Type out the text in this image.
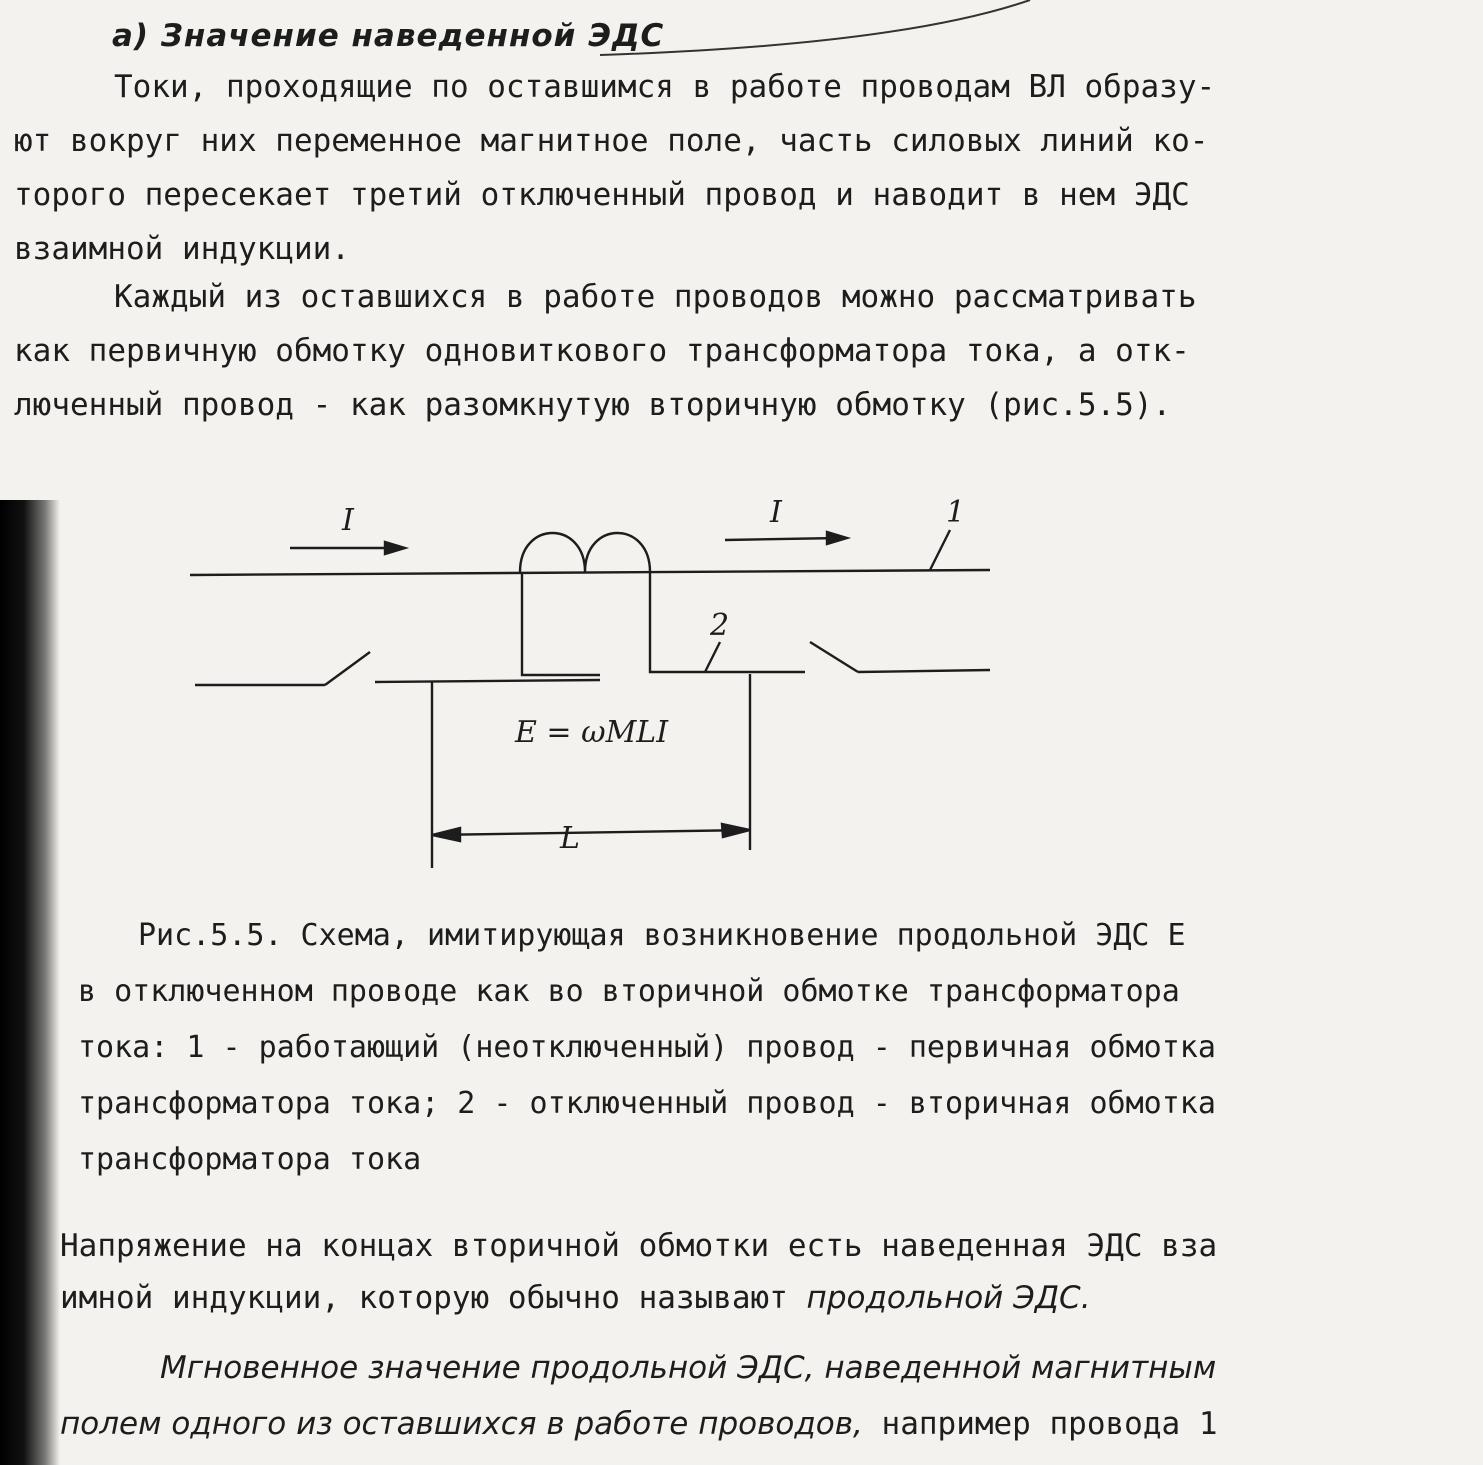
а) Значение наведенной ЭДС
Токи, проходящие по оставшимся в работе проводам ВЛ образу-
ют вокруг них переменное магнитное поле, часть силовых линий ко-
торого пересекает третий отключенный провод и наводит в нем ЭДС
взаимной индукции.
Каждый из оставшихся в работе проводов можно рассматривать
как первичную обмотку одновиткового трансформатора тока, а отк-
люченный провод - как разомкнутую вторичную обмотку (рис.5.5).
I	I	1
2
E = ωMLI
L
Рис.5.5. Схема, имитирующая возникновение продольной ЭДС E
в отключенном проводе как во вторичной обмотке трансформатора
тока: 1 - работающий (неотключенный) провод - первичная обмотка
трансформатора тока; 2 - отключенный провод - вторичная обмотка
трансформатора тока
Напряжение на концах вторичной обмотки есть наведенная ЭДС вза
имной индукции, которую обычно называют продольной ЭДС.
Мгновенное значение продольной ЭДС, наведенной магнитным
полем одного из оставшихся в работе проводов, например провода 1
